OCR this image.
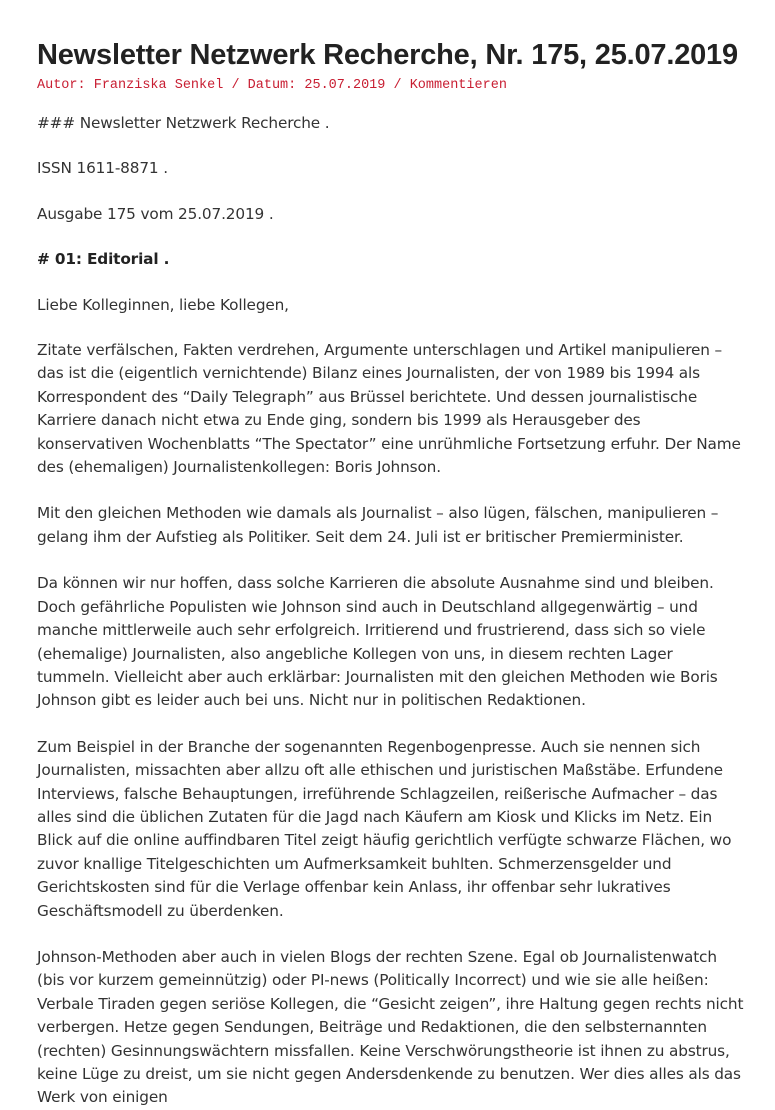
Newsletter Netzwerk Recherche, Nr. 175, 25.07.2019
Autor: Franziska Senkel / Datum: 25.07.2019 / Kommentieren

### Newsletter Netzwerk Recherche .

ISSN 1611-8871 .

Ausgabe 175 vom 25.07.2019 .

# 01: Editorial .

Liebe Kolleginnen, liebe Kollegen,

Zitate verfälschen, Fakten verdrehen, Argumente unterschlagen und Artikel manipulieren – das ist die (eigentlich vernichtende) Bilanz eines Journalisten, der von 1989 bis 1994 als Korrespondent des “Daily Telegraph” aus Brüssel berichtete. Und dessen journalistische Karriere danach nicht etwa zu Ende ging, sondern bis 1999 als Herausgeber des konservativen Wochenblatts “The Spectator” eine unrühmliche Fortsetzung erfuhr. Der Name des (ehemaligen) Journalistenkollegen: Boris Johnson.

Mit den gleichen Methoden wie damals als Journalist – also lügen, fälschen, manipulieren – gelang ihm der Aufstieg als Politiker. Seit dem 24. Juli ist er britischer Premierminister.

Da können wir nur hoffen, dass solche Karrieren die absolute Ausnahme sind und bleiben. Doch gefährliche Populisten wie Johnson sind auch in Deutschland allgegenwärtig – und manche mittlerweile auch sehr erfolgreich. Irritierend und frustrierend, dass sich so viele (ehemalige) Journalisten, also angebliche Kollegen von uns, in diesem rechten Lager tummeln. Vielleicht aber auch erklärbar: Journalisten mit den gleichen Methoden wie Boris Johnson gibt es leider auch bei uns. Nicht nur in politischen Redaktionen.

Zum Beispiel in der Branche der sogenannten Regenbogenpresse. Auch sie nennen sich Journalisten, missachten aber allzu oft alle ethischen und juristischen Maßstäbe. Erfundene Interviews, falsche Behauptungen, irreführende Schlagzeilen, reißerische Aufmacher – das alles sind die üblichen Zutaten für die Jagd nach Käufern am Kiosk und Klicks im Netz. Ein Blick auf die online auffindbaren Titel zeigt häufig gerichtlich verfügte schwarze Flächen, wo zuvor knallige Titelgeschichten um Aufmerksamkeit buhlten. Schmerzensgelder und Gerichtskosten sind für die Verlage offenbar kein Anlass, ihr offenbar sehr lukratives Geschäftsmodell zu überdenken.

Johnson-Methoden aber auch in vielen Blogs der rechten Szene. Egal ob Journalistenwatch (bis vor kurzem gemeinnützig) oder PI-news (Politically Incorrect) und wie sie alle heißen: Verbale Tiraden gegen seriöse Kollegen, die “Gesicht zeigen”, ihre Haltung gegen rechts nicht verbergen. Hetze gegen Sendungen, Beiträge und Redaktionen, die den selbsternannten (rechten) Gesinnungswächtern missfallen. Keine Verschwörungstheorie ist ihnen zu abstrus, keine Lüge zu dreist, um sie nicht gegen Andersdenkende zu benutzen. Wer dies alles als das Werk von einigen
